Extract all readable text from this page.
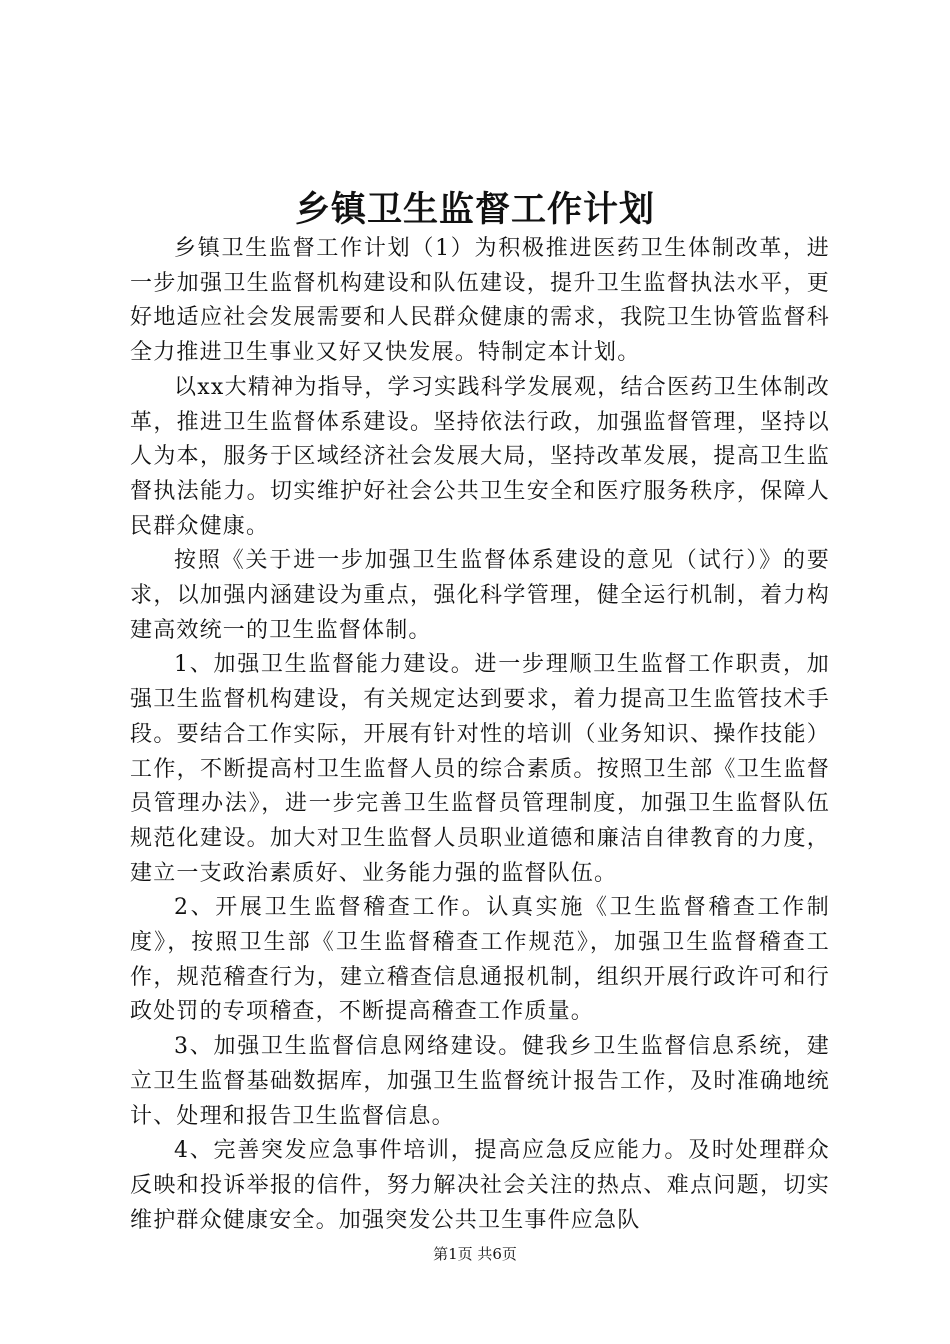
乡镇卫生监督工作计划

乡镇卫生监督工作计划（1）为积极推进医药卫生体制改革，进一步加强卫生监督机构建设和队伍建设，提升卫生监督执法水平，更好地适应社会发展需要和人民群众健康的需求，我院卫生协管监督科全力推进卫生事业又好又快发展。特制定本计划。

以xx大精神为指导，学习实践科学发展观，结合医药卫生体制改革，推进卫生监督体系建设。坚持依法行政，加强监督管理，坚持以人为本，服务于区域经济社会发展大局，坚持改革发展，提高卫生监督执法能力。切实维护好社会公共卫生安全和医疗服务秩序，保障人民群众健康。

按照《关于进一步加强卫生监督体系建设的意见（试行）》的要求，以加强内涵建设为重点，强化科学管理，健全运行机制，着力构建高效统一的卫生监督体制。

1、加强卫生监督能力建设。进一步理顺卫生监督工作职责，加强卫生监督机构建设，有关规定达到要求，着力提高卫生监管技术手段。要结合工作实际，开展有针对性的培训（业务知识、操作技能）工作，不断提高村卫生监督人员的综合素质。按照卫生部《卫生监督员管理办法》，进一步完善卫生监督员管理制度，加强卫生监督队伍规范化建设。加大对卫生监督人员职业道德和廉洁自律教育的力度，建立一支政治素质好、业务能力强的监督队伍。

2、开展卫生监督稽查工作。认真实施《卫生监督稽查工作制度》，按照卫生部《卫生监督稽查工作规范》，加强卫生监督稽查工作，规范稽查行为，建立稽查信息通报机制，组织开展行政许可和行政处罚的专项稽查，不断提高稽查工作质量。

3、加强卫生监督信息网络建设。健我乡卫生监督信息系统，建立卫生监督基础数据库，加强卫生监督统计报告工作，及时准确地统计、处理和报告卫生监督信息。

4、完善突发应急事件培训，提高应急反应能力。及时处理群众反映和投诉举报的信件，努力解决社会关注的热点、难点问题，切实维护群众健康安全。加强突发公共卫生事件应急队

第1页 共6页
